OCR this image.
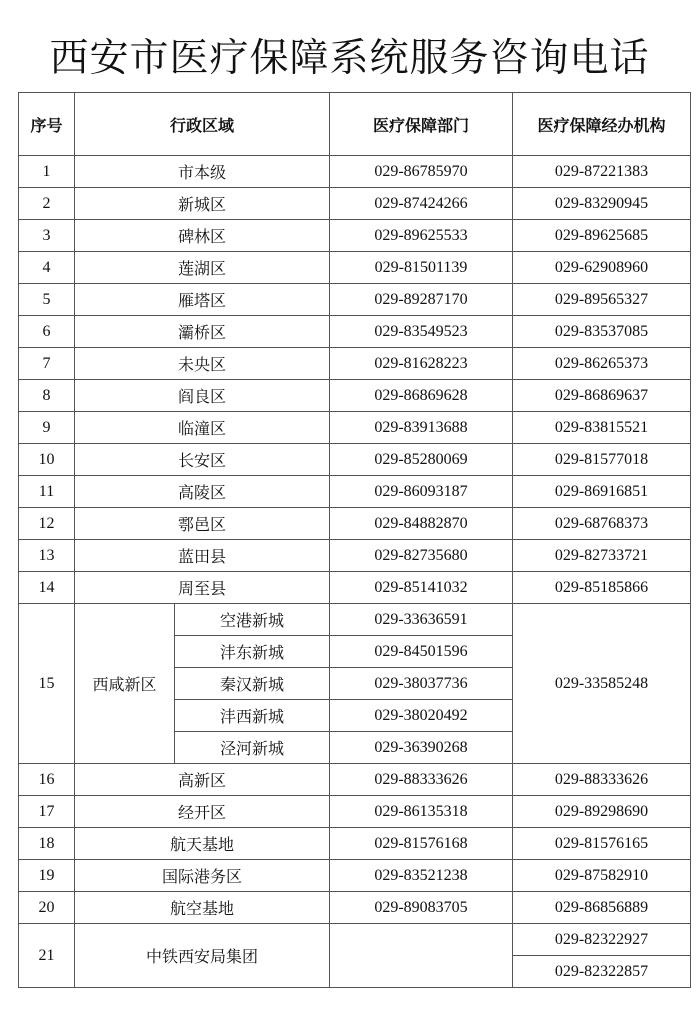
西安市医疗保障系统服务咨询电话
序号	行政区域		医疗保障部门	医疗保障经办机构
1	市本级		029-86785970	029-87221383
2	新城区		029-87424266	029-83290945
3	碑林区		029-89625533	029-89625685
4	莲湖区		029-81501139	029-62908960
5	雁塔区		029-89287170	029-89565327
6	灞桥区		029-83549523	029-83537085
7	未央区		029-81628223	029-86265373
8	阎良区		029-86869628	029-86869637
9	临潼区		029-83913688	029-83815521
10	长安区		029-85280069	029-81577018
11	高陵区		029-86093187	029-86916851
12	鄠邑区		029-84882870	029-68768373
13	蓝田县		029-82735680	029-82733721
14	周至县		029-85141032	029-85185866
15	西咸新区	空港新城	029-33636591	029-33585248
		沣东新城	029-84501596	
		秦汉新城	029-38037736	
		沣西新城	029-38020492	
		泾河新城	029-36390268	
16	高新区		029-88333626	029-88333626
17	经开区		029-86135318	029-89298690
18	航天基地		029-81576168	029-81576165
19	国际港务区		029-83521238	029-87582910
20	航空基地		029-89083705	029-86856889
21	中铁西安局集团			029-82322927
				029-82322857
